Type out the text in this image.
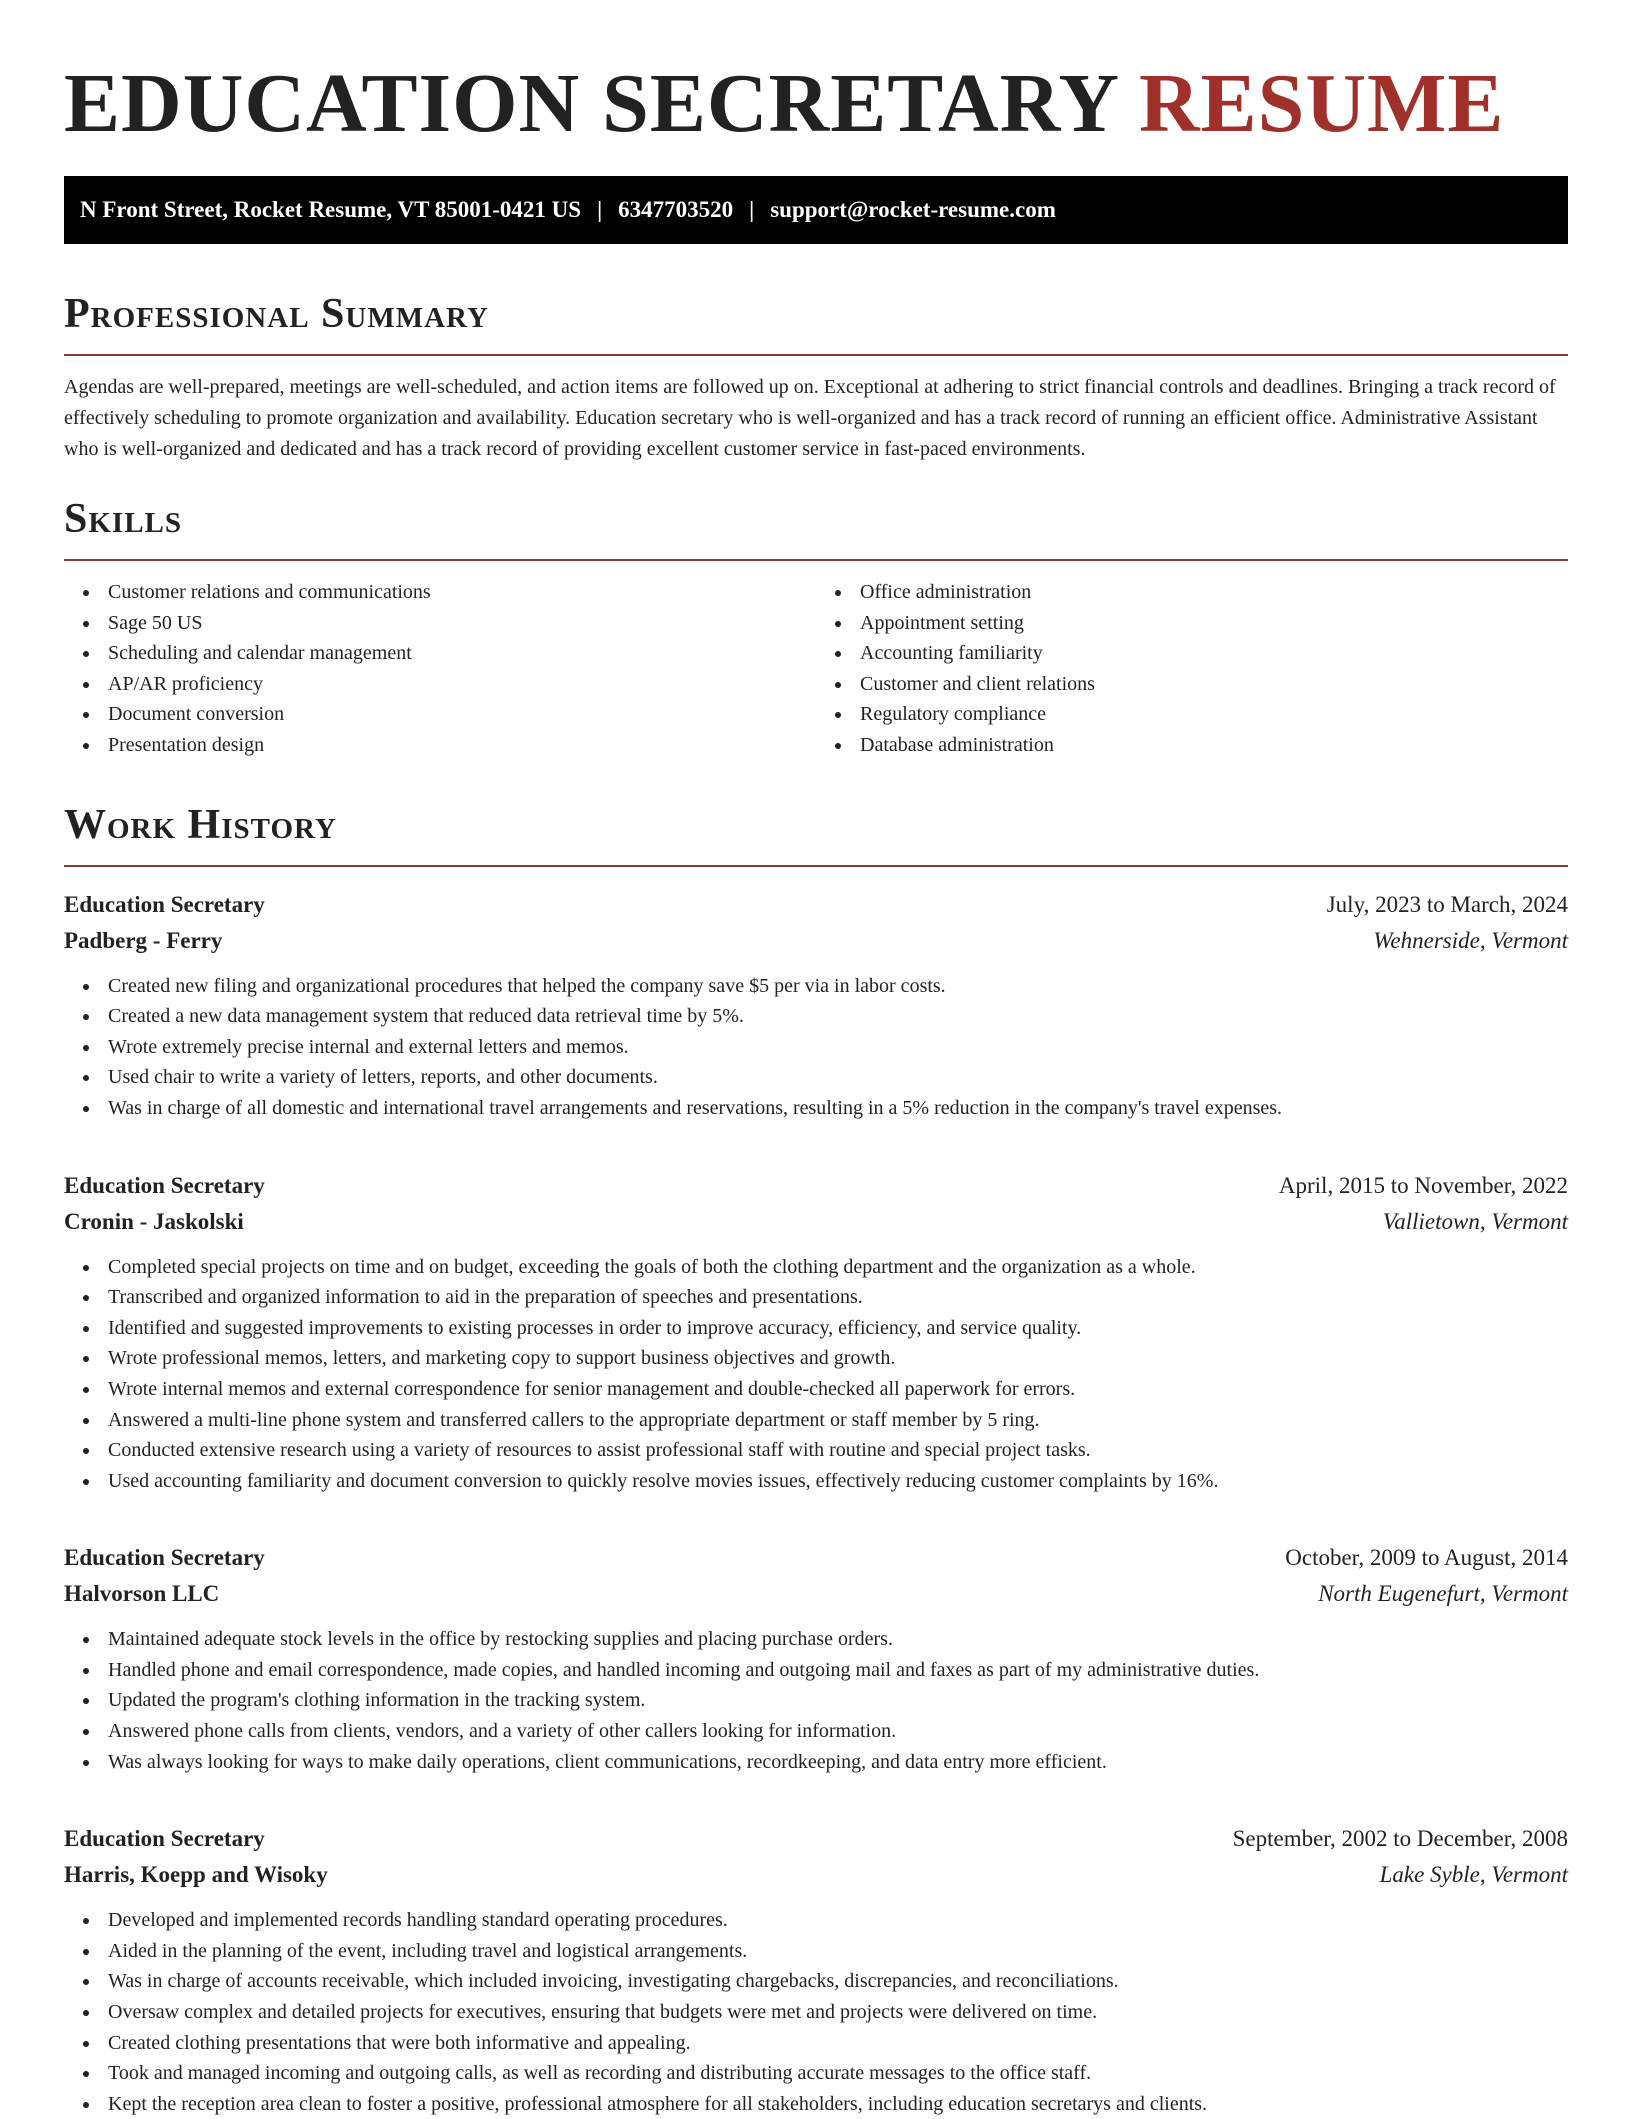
EDUCATION SECRETARY RESUME
N Front Street, Rocket Resume, VT 85001-0421 US | 6347703520 | support@rocket-resume.com
Professional Summary

Agendas are well-prepared, meetings are well-scheduled, and action items are followed up on. Exceptional at adhering to strict financial controls and deadlines. Bringing a track record of effectively scheduling to promote organization and availability. Education secretary who is well-organized and has a track record of running an efficient office. Administrative Assistant who is well-organized and dedicated and has a track record of providing excellent customer service in fast-paced environments.

Skills
Customer relations and communications
Sage 50 US
Scheduling and calendar management
AP/AR proficiency
Document conversion
Presentation design
Office administration
Appointment setting
Accounting familiarity
Customer and client relations
Regulatory compliance
Database administration
Work History
Education Secretary	July, 2023 to March, 2024
Padberg - Ferry	Wehnerside, Vermont
Created new filing and organizational procedures that helped the company save $5 per via in labor costs.
Created a new data management system that reduced data retrieval time by 5%.
Wrote extremely precise internal and external letters and memos.
Used chair to write a variety of letters, reports, and other documents.
Was in charge of all domestic and international travel arrangements and reservations, resulting in a 5% reduction in the company's travel expenses.
Education Secretary	April, 2015 to November, 2022
Cronin - Jaskolski	Vallietown, Vermont
Completed special projects on time and on budget, exceeding the goals of both the clothing department and the organization as a whole.
Transcribed and organized information to aid in the preparation of speeches and presentations.
Identified and suggested improvements to existing processes in order to improve accuracy, efficiency, and service quality.
Wrote professional memos, letters, and marketing copy to support business objectives and growth.
Wrote internal memos and external correspondence for senior management and double-checked all paperwork for errors.
Answered a multi-line phone system and transferred callers to the appropriate department or staff member by 5 ring.
Conducted extensive research using a variety of resources to assist professional staff with routine and special project tasks.
Used accounting familiarity and document conversion to quickly resolve movies issues, effectively reducing customer complaints by 16%.
Education Secretary	October, 2009 to August, 2014
Halvorson LLC	North Eugenefurt, Vermont
Maintained adequate stock levels in the office by restocking supplies and placing purchase orders.
Handled phone and email correspondence, made copies, and handled incoming and outgoing mail and faxes as part of my administrative duties.
Updated the program's clothing information in the tracking system.
Answered phone calls from clients, vendors, and a variety of other callers looking for information.
Was always looking for ways to make daily operations, client communications, recordkeeping, and data entry more efficient.
Education Secretary	September, 2002 to December, 2008
Harris, Koepp and Wisoky	Lake Syble, Vermont
Developed and implemented records handling standard operating procedures.
Aided in the planning of the event, including travel and logistical arrangements.
Was in charge of accounts receivable, which included invoicing, investigating chargebacks, discrepancies, and reconciliations.
Oversaw complex and detailed projects for executives, ensuring that budgets were met and projects were delivered on time.
Created clothing presentations that were both informative and appealing.
Took and managed incoming and outgoing calls, as well as recording and distributing accurate messages to the office staff.
Kept the reception area clean to foster a positive, professional atmosphere for all stakeholders, including education secretarys and clients.
